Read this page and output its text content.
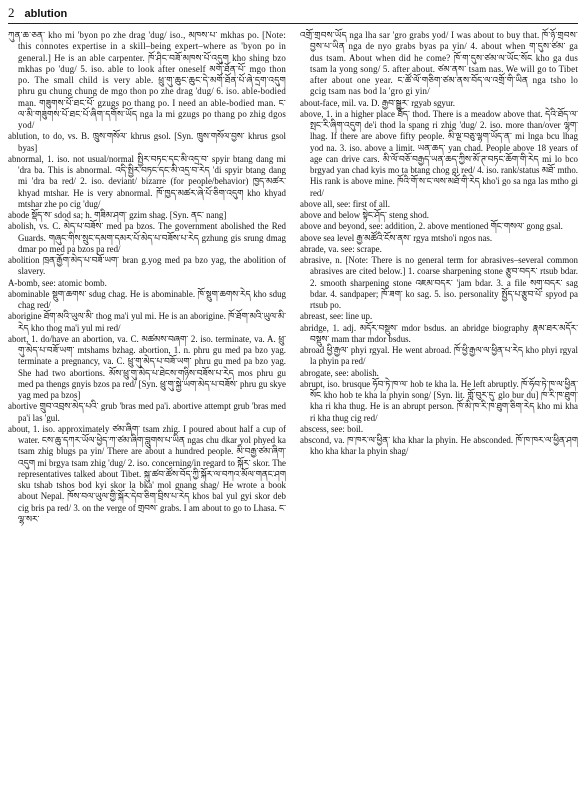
2 ablution

ཀུན་ཆ་ཅན་ kho mi 'byon po zhe drag 'dug/ iso., མཁས་པ་ mkhas po. [Note: this connotes expertise in a skill–being expert–where as 'byon po in general.] He is an able carpenter. ཁོ་ཤིང་བཟོ་མཁས་པོ་འདུག kho shing bzo mkhas po 'dug/ 5. iso. able to look after oneself མགོ་ཐོན་པོ་ mgo thon po. The small child is very able. ཕྲུ་གུ་ཆུང་ཆུང་དེ་མགོ་ཐོན་པོ་ཞེ་དྲག་འདུག phru gu chung chung de mgo thon po zhe drag 'dug/ 6. iso. able-bodied man. གཟུགས་པོ་ཐང་པོ་ gzugs po thang po. I need an able-bodied man. ང་ལ་མི་གཟུགས་པོ་ཐང་པོ་ཞིག་དགོས་ཡོད nga la mi gzugs po thang po zhig dgos yod/

ablution, to do, vs. B. ཁྲུས་གསོལ་ khrus gsol. [Syn. ཁྲུས་གསོལ་བྱས་ khrus gsol byas]

abnormal, 1. iso. not usual/normal སྤྱིར་བཏང་དང་མི་འདྲ་བ་ spyir btang dang mi 'dra ba. This is abnormal. འདི་སྤྱིར་བཏང་དང་མི་འདྲ་བ་རེད 'di spyir btang dang mi 'dra ba red/ 2. iso. deviant/ bizarre (for people/behavior) ཁྱད་མཚར་ khyad mtshar. He is very abnormal. ཁོ་ཁྱད་མཚར་ཞེ་པོ་ཅིག་འདུག kho khyad mtshar zhe po cig 'dug/

abode སྡོད་ས་ sdod sa; h. གཟིམ་ཤག་ gzim shag. [Syn. ནང་ nang]

abolish, vs. C. མེད་པ་བཟོས་ med pa bzos. The government abolished the Red Guards. གཞུང་གིས་སྲུང་དམག་དམར་པོ་མེད་པ་བཟོས་པ་རེད gzhung gis srung dmag dmar po med pa bzos pa red/

abolition ཁྲན་རྒྱོག་མེད་པ་བཟོ་ཡག་ bran g.yog med pa bzo yag, the abolition of slavery.

A-bomb, see: atomic bomb.

abominable སྡུག་ཆགས་ sdug chag. He is abominable. ཁོ་སྡུག་ཆགས་རེད kho sdug chag red/

aborigine ཐོག་མའི་ཡུལ་མི་ thog ma'i yul mi. He is an aborigine. ཁོ་ཐོག་མའི་ཡུལ་མི་རེད kho thog ma'i yul mi red/

abort, 1. do/have an abortion, va. C. མཚམས་བཞག་ 2. iso. terminate, va. A. ཕྲུ་གུ་མེད་པ་བཟོ་ཡག་ mtshams bzhag. abortion, 1. n. phru gu med pa bzo yag. terminate a pregnancy, va. C. ཕྲུ་གུ་མེད་པ་བཟོ་ཡག་ phru gu med pa bzo yag. She had two abortions. མོས་ཕྲུ་གུ་མེད་པ་ཐེངས་གཉིས་བཟོས་པ་རེད mos phru gu med pa thengs gnyis bzos pa red/ [Syn. ཕྲུ་གུ་སྐྱེ་ཡག་མེད་པ་བཟོས་ phru gu skye yag med pa bzos]

abortive གྲུབ་འབྲས་མེད་པའི་ grub 'bras med pa'i. abortive attempt grub 'bras med pa'i las 'gul.

about, 1. iso. approximately ཙམ་ཞིག་ tsam zhig. I poured about half a cup of water. ངས་ཆུ་དཀར་ཡོལ་ཕྱེད་ཀ་ཙམ་ཞིག་བླུགས་པ་ཡིན ngas chu dkar yol phyed ka tsam zhig blugs pa yin/ There are about a hundred people. མི་བརྒྱ་ཙམ་ཞིག་འདུག mi brgya tsam zhig 'dug/ 2. iso. concerning/in regard to སྐོར་ skor. The representatives talked about Tibet. སྐུ་ཚབ་ཚོས་བོད་ཀྱི་སྐོར་ལ་བཀའ་མོལ་གནང་ཤག sku tshab tshos bod kyi skor la bka' mol gnang shag/ He wrote a book about Nepal. ཁོས་བལ་ཡུལ་གྱི་སྐོར་དེབ་ཅིག་བྲིས་པ་རེད khos bal yul gyi skor deb cig bris pa red/ 3. on the verge of གྲབས་ grabs. I am about to go to Lhasa. ང་ལྷ་སར་

འགྲོ་གྲབས་ཡོད nga lha sar 'gro grabs yod/ I was about to buy that. ཁོ་ཉོ་གྲབས་བྱས་པ་ཡིན nga de nyo grabs byas pa yin/ 4. about when ག་དུས་ཙམ་ ga dus tsam. About when did he come? ཁོ་ག་དུས་ཙམ་ལ་ཡོང་སོང kho ga dus tsam la yong song/ 5. after about. ཙམ་ནས་ tsam nas. We will go to Tibet after about one year. ང་ཚོ་ལོ་གཅིག་ཙམ་ནས་བོད་ལ་འགྲོ་གི་ཡིན nga tsho lo gcig tsam nas bod la 'gro gi yin/

about-face, mil. va. D. རྒྱབ་སྒྱུར་ rgyab sgyur.

above, 1. in a higher place ཐོད་ thod. There is a meadow above that. དེའི་ཐོད་ལ་སྤང་རི་ཞིག་འདུག de'i thod la spang ri zhig 'dug/ 2. iso. more than/over ལྷག་ lhag. If there are above fifty people. མི་ལྔ་བཅུ་ལྷག་ཡོད་ན་ mi lnga bcu lhag yod na. 3. iso. above a limit. ཡན་ཆད་ yan chad. People above 18 years of age can drive cars. མི་ལོ་བཅོ་བརྒྱད་ཡན་ཆད་ཀྱིས་མོ་ཊ་བཏང་ཆོག་གི་རེད mi lo bco brgyad yan chad kyis mo ta btang chog gi red/ 4. iso. rank/status མཐོ་ mtho. His rank is above mine. ཁོའི་གོ་ས་ང་ལས་མཐོ་གི་རེད kho'i go sa nga las mtho gi red/

above all, see: first of all.

above and below སྟེང་ཤོད་ steng shod.

above and beyond, see: addition, 2. above mentioned གོང་གསལ་ gong gsal.

above sea level རྒྱ་མཚོའི་ངོས་ནས་ rgya mtsho'i ngos nas.

abrade, va. see: scrape.

abrasive, n. [Note: There is no general term for abrasives–several common abrasives are cited below.] 1. coarse sharpening stone རྩུབ་བདར་ rtsub bdar. 2. smooth sharpening stone འཇམ་བདར་ 'jam bdar. 3. a file སག་བདར་ sag bdar. 4. sandpaper; ཁོ་ཟག་ ko sag. 5. iso. personality སྤྱོད་པ་རྩུབ་པོ་ spyod pa rtsub po.

abreast, see: line up.

abridge, 1. adj. མདོར་བསྡུས་ mdor bsdus. an abridge biography རྣམ་ཐར་མདོར་བསྡུས་ mam thar mdor bsdus.

abroad ཕྱི་རྒྱལ་ phyi rgyal. He went abroad. ཁོ་ཕྱི་རྒྱལ་ལ་ཕྱིན་པ་རེད kho phyi rgyal la phyin pa red/

abrogate, see: abolish.

abrupt, iso. brusque ཧོབ་ཏེ་ཁ་ལ་ hob te kha la. He left abruptly. ཁོ་ཧོབ་ཏེ་ཁ་ལ་ཕྱིན་སོང kho hob te kha la phyin song/ [Syn. lit. གློ་བུར་དུ་ glo bur du] ཁ་རི་ཁ་ཐུག་ kha ri kha thug. He is an abrupt person. ཁོ་མི་ཁ་རི་ཁ་ཐུག་ཅིག་རེད kho mi kha ri kha thug cig red/

abscess, see: boil.

abscond, va. ཁ་ཁར་ལ་ཕྱིན་ kha khar la phyin. He absconded. ཁོ་ཁ་ཁར་ལ་ཕྱིན་ཤག kho kha khar la phyin shag/
